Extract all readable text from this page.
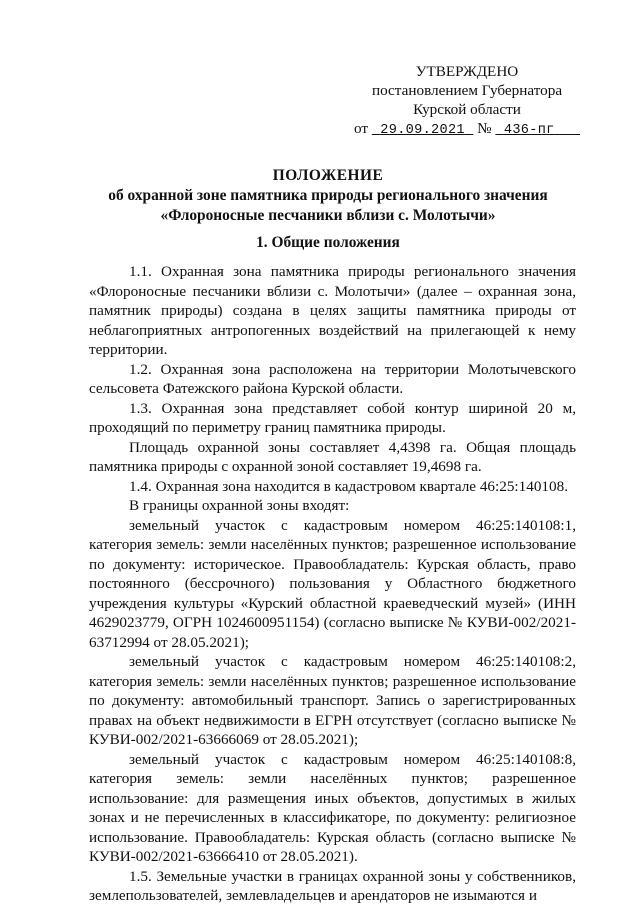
УТВЕРЖДЕНО
постановлением Губернатора
Курской области
от 29.09.2021 № 436-пг
ПОЛОЖЕНИЕ
об охранной зоне памятника природы регионального значения
«Флороносные песчаники вблизи с. Молотычи»
1. Общие положения

1.1. Охранная зона памятника природы регионального значения «Флороносные песчаники вблизи с. Молотычи» (далее – охранная зона, памятник природы) создана в целях защиты памятника природы от неблагоприятных антропогенных воздействий на прилегающей к нему территории.

1.2. Охранная зона расположена на территории Молотычевского сельсовета Фатежского района Курской области.

1.3. Охранная зона представляет собой контур шириной 20 м, проходящий по периметру границ памятника природы.

Площадь охранной зоны составляет 4,4398 га. Общая площадь памятника природы с охранной зоной составляет 19,4698 га.

1.4. Охранная зона находится в кадастровом квартале 46:25:140108.

В границы охранной зоны входят:

земельный участок с кадастровым номером 46:25:140108:1, категория земель: земли населённых пунктов; разрешенное использование по документу: историческое. Правообладатель: Курская область, право постоянного (бессрочного) пользования у Областного бюджетного учреждения культуры «Курский областной краеведческий музей» (ИНН 4629023779, ОГРН 1024600951154) (согласно выписке № КУВИ-002/2021-63712994 от 28.05.2021);

земельный участок с кадастровым номером 46:25:140108:2, категория земель: земли населённых пунктов; разрешенное использование по документу: автомобильный транспорт. Запись о зарегистрированных правах на объект недвижимости в ЕГРН отсутствует (согласно выписке № КУВИ-002/2021-63666069 от 28.05.2021);

земельный участок с кадастровым номером 46:25:140108:8, категория земель: земли населённых пунктов; разрешенное использование: для размещения иных объектов, допустимых в жилых зонах и не перечисленных в классификаторе, по документу: религиозное использование. Правообладатель: Курская область (согласно выписке № КУВИ-002/2021-63666410 от 28.05.2021).

1.5. Земельные участки в границах охранной зоны у собственников, землепользователей, землевладельцев и арендаторов не изымаются и
